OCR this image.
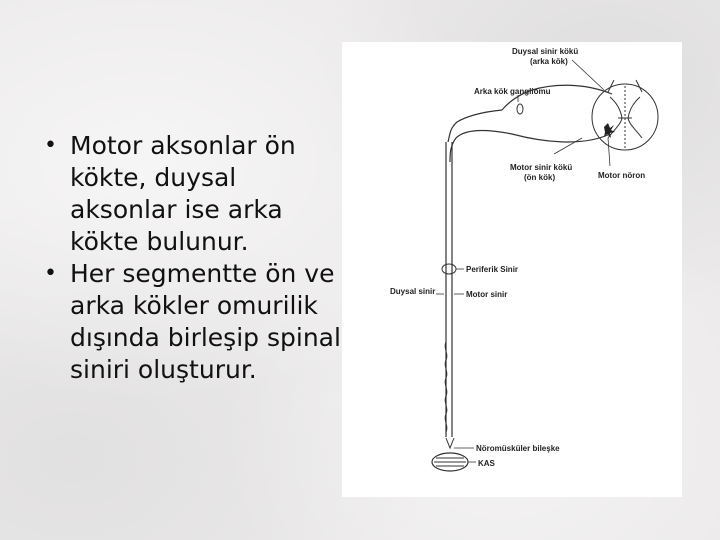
• Motor aksonlar ön kökte, duysal aksonlar ise arka kökte bulunur.
• Her segmentte ön ve arka kökler omurilik dışında birleşip spinal siniri oluşturur.
Duysal sinir kökü
(arka kök)
Arka kök gangliomu
Motor sinir kökü
(ön kök)	Motor nöron
Periferik Sinir
Duysal sinir	Motor sinir
Nöromüsküler bileşke
KAS
